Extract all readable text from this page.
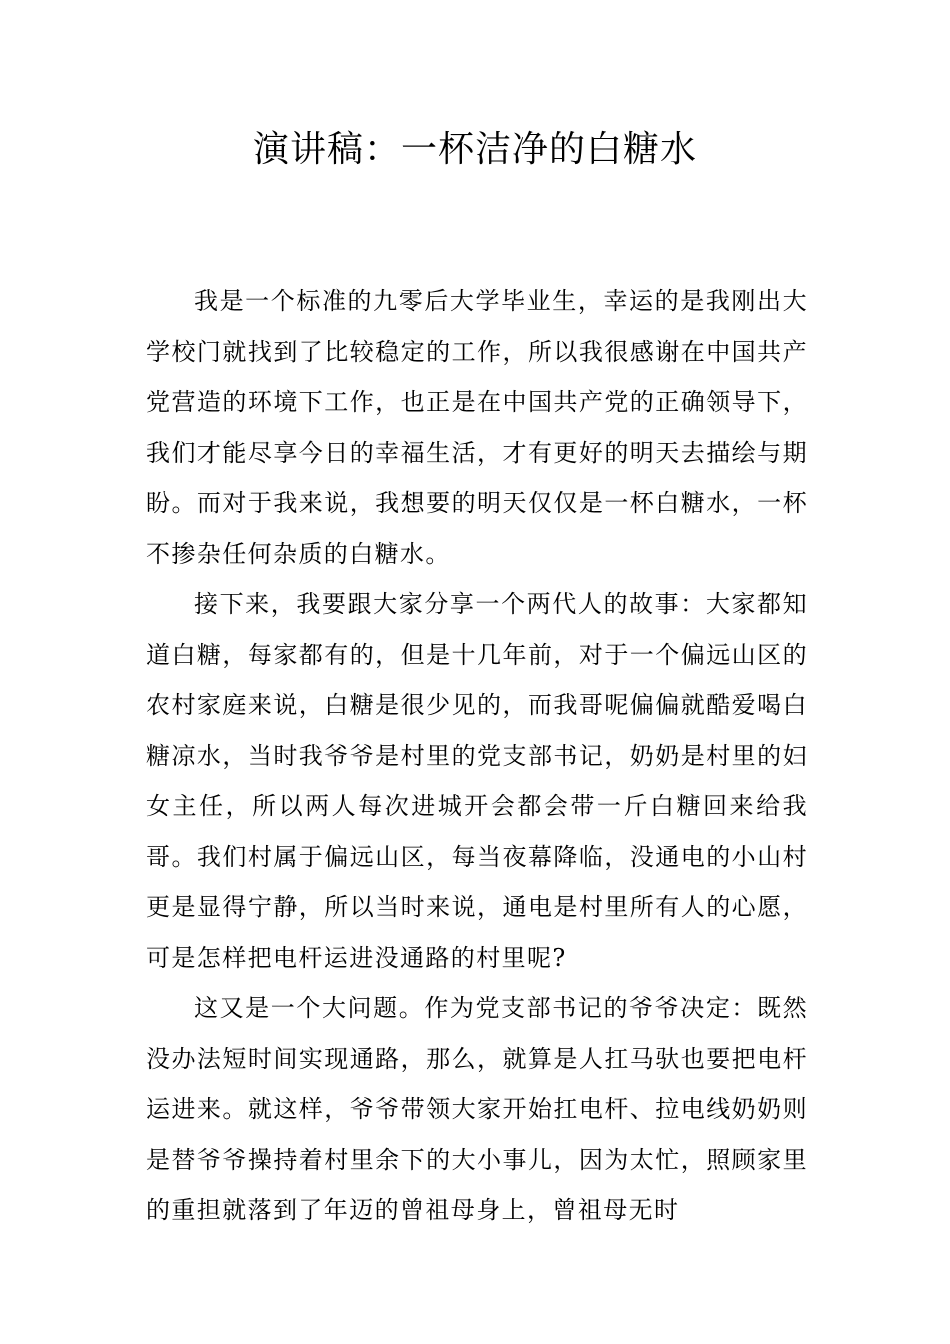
演讲稿：一杯洁净的白糖水

我是一个标准的九零后大学毕业生，幸运的是我刚出大学校门就找到了比较稳定的工作，所以我很感谢在中国共产党营造的环境下工作，也正是在中国共产党的正确领导下，我们才能尽享今日的幸福生活，才有更好的明天去描绘与期盼。而对于我来说，我想要的明天仅仅是一杯白糖水，一杯不掺杂任何杂质的白糖水。

接下来，我要跟大家分享一个两代人的故事：大家都知道白糖，每家都有的，但是十几年前，对于一个偏远山区的农村家庭来说，白糖是很少见的，而我哥呢偏偏就酷爱喝白糖凉水，当时我爷爷是村里的党支部书记，奶奶是村里的妇女主任，所以两人每次进城开会都会带一斤白糖回来给我哥。我们村属于偏远山区，每当夜幕降临，没通电的小山村更是显得宁静，所以当时来说，通电是村里所有人的心愿，可是怎样把电杆运进没通路的村里呢?

这又是一个大问题。作为党支部书记的爷爷决定：既然没办法短时间实现通路，那么，就算是人扛马驮也要把电杆运进来。就这样，爷爷带领大家开始扛电杆、拉电线奶奶则是替爷爷操持着村里余下的大小事儿，因为太忙，照顾家里的重担就落到了年迈的曾祖母身上，曾祖母无时
